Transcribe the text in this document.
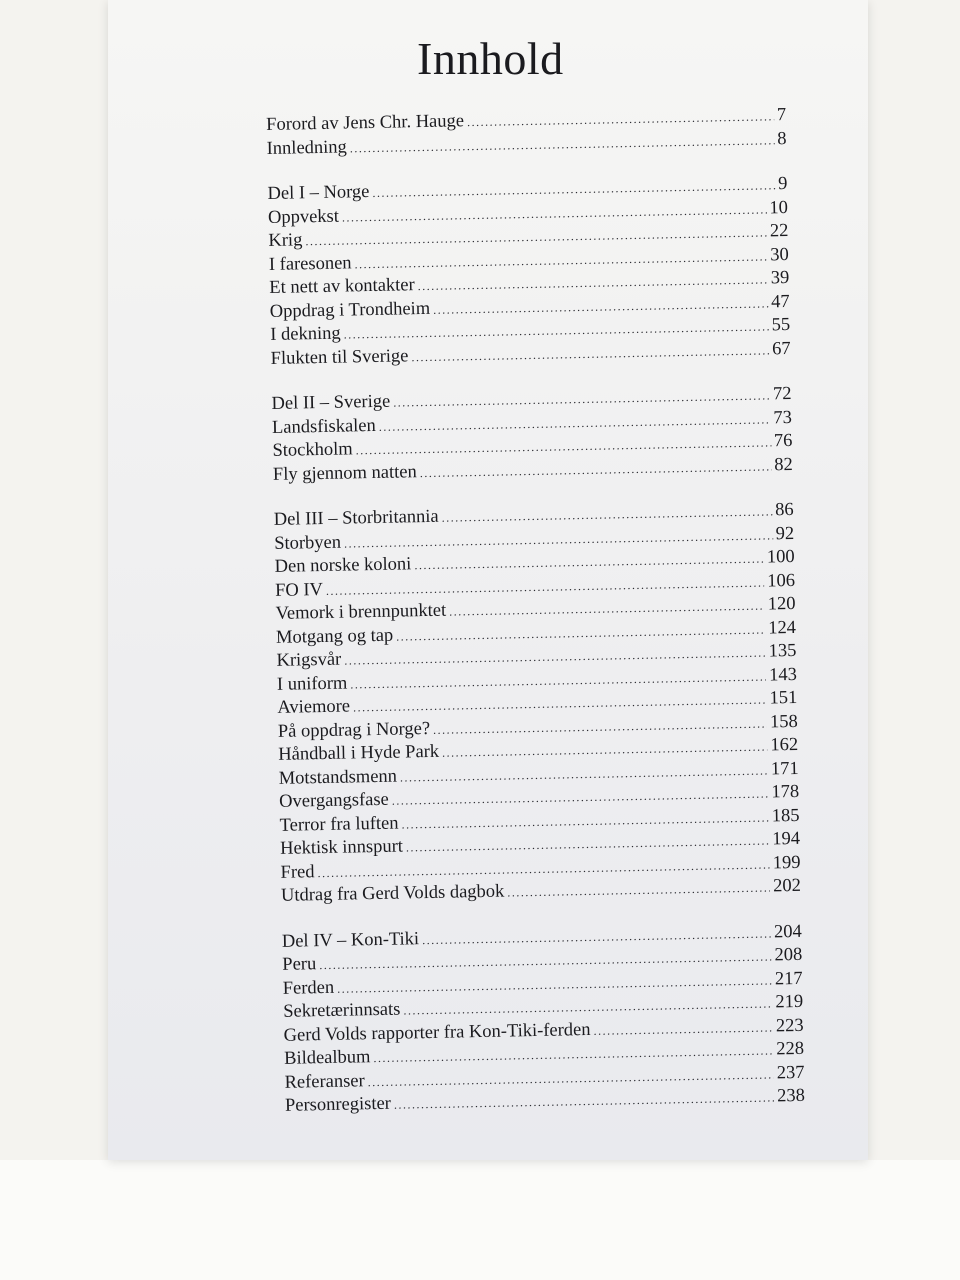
Innhold
Forord av Jens Chr. Hauge .....	7
Innledning .....	8
Del I – Norge .....	9
Oppvekst .....	10
Krig .....	22
I faresonen .....	30
Et nett av kontakter .....	39
Oppdrag i Trondheim .....	47
I dekning .....	55
Flukten til Sverige .....	67
Del II – Sverige .....	72
Landsfiskalen .....	73
Stockholm .....	76
Fly gjennom natten .....	82
Del III – Storbritannia .....	86
Storbyen .....	92
Den norske koloni .....	100
FO IV .....	106
Vemork i brennpunktet .....	120
Motgang og tap .....	124
Krigsvår .....	135
I uniform .....	143
Aviemore .....	151
På oppdrag i Norge? .....	158
Håndball i Hyde Park .....	162
Motstandsmenn .....	171
Overgangsfase .....	178
Terror fra luften .....	185
Hektisk innspurt .....	194
Fred .....	199
Utdrag fra Gerd Volds dagbok .....	202
Del IV – Kon-Tiki .....	204
Peru .....	208
Ferden .....	217
Sekretærinnsats .....	219
Gerd Volds rapporter fra Kon-Tiki-ferden .....	223
Bildealbum .....	228
Referanser .....	237
Personregister .....	238
